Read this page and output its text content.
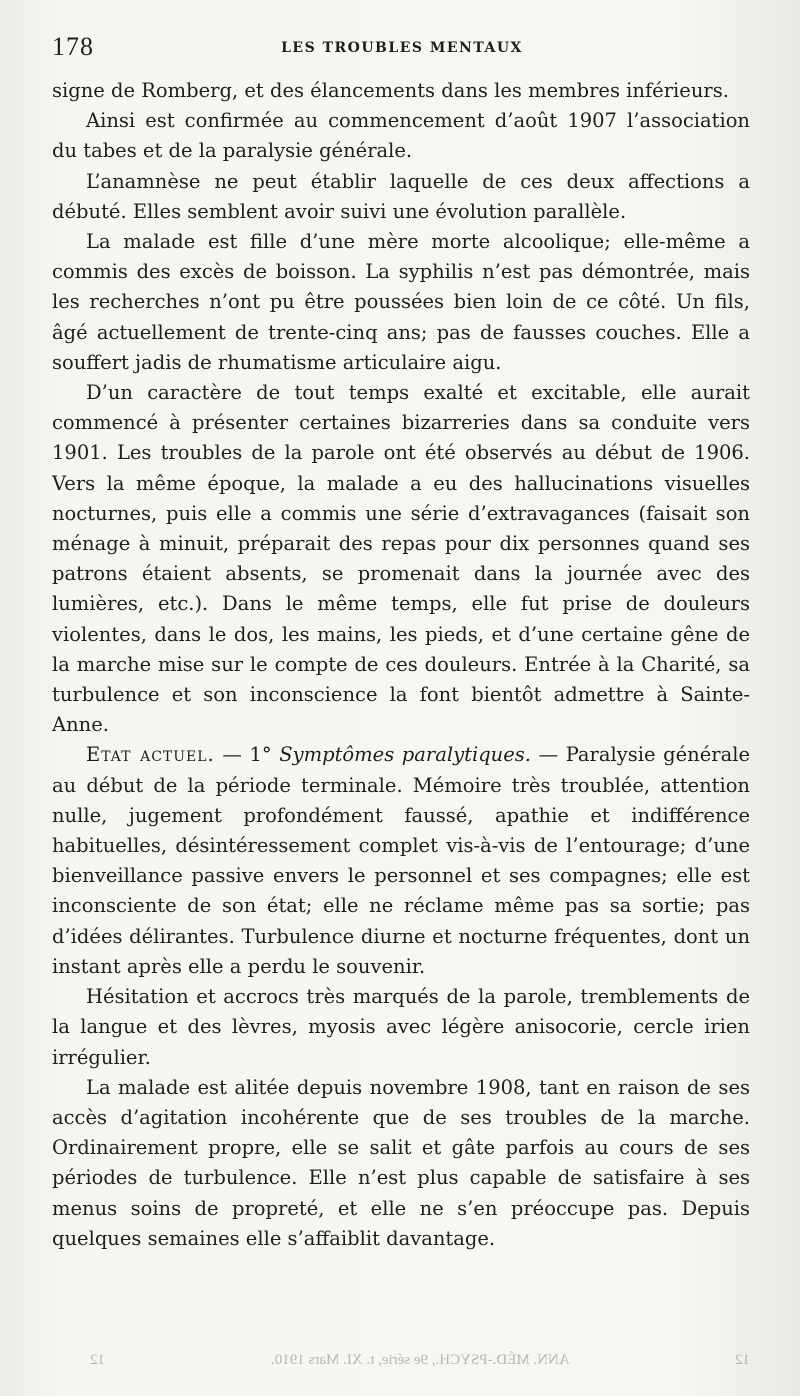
178	LES TROUBLES MENTAUX

signe de Romberg, et des élancements dans les membres inférieurs.

Ainsi est confirmée au commencement d’août 1907 l’association du tabes et de la paralysie générale.

L’anamnèse ne peut établir laquelle de ces deux affections a débuté. Elles semblent avoir suivi une évolution parallèle.

La malade est fille d’une mère morte alcoolique; elle-même a commis des excès de boisson. La syphilis n’est pas démontrée, mais les recherches n’ont pu être poussées bien loin de ce côté. Un fils, âgé actuellement de trente-cinq ans; pas de fausses couches. Elle a souffert jadis de rhumatisme articulaire aigu.

D’un caractère de tout temps exalté et excitable, elle aurait commencé à présenter certaines bizarreries dans sa conduite vers 1901. Les troubles de la parole ont été observés au début de 1906. Vers la même époque, la malade a eu des hallucinations visuelles nocturnes, puis elle a commis une série d’extravagances (faisait son ménage à minuit, préparait des repas pour dix personnes quand ses patrons étaient absents, se promenait dans la journée avec des lumières, etc.). Dans le même temps, elle fut prise de douleurs violentes, dans le dos, les mains, les pieds, et d’une certaine gêne de la marche mise sur le compte de ces douleurs. Entrée à la Charité, sa turbulence et son inconscience la font bientôt admettre à Sainte-Anne.

Etat actuel. — 1° Symptômes paralytiques. — Paralysie générale au début de la période terminale. Mémoire très troublée, attention nulle, jugement profondément faussé, apathie et indifférence habituelles, désintéressement complet vis-à-vis de l’entourage; d’une bienveillance passive envers le personnel et ses compagnes; elle est inconsciente de son état; elle ne réclame même pas sa sortie; pas d’idées délirantes. Turbulence diurne et nocturne fréquentes, dont un instant après elle a perdu le souvenir.

Hésitation et accrocs très marqués de la parole, tremblements de la langue et des lèvres, myosis avec légère anisocorie, cercle irien irrégulier.

La malade est alitée depuis novembre 1908, tant en raison de ses accès d’agitation incohérente que de ses troubles de la marche. Ordinairement propre, elle se salit et gâte parfois au cours de ses périodes de turbulence. Elle n’est plus capable de satisfaire à ses menus soins de propreté, et elle ne s’en préoccupe pas. Depuis quelques semaines elle s’affaiblit davantage.

12	ANN. MÉD.-PSYCH., 9e série, t. XI. Mars 1910.	12
